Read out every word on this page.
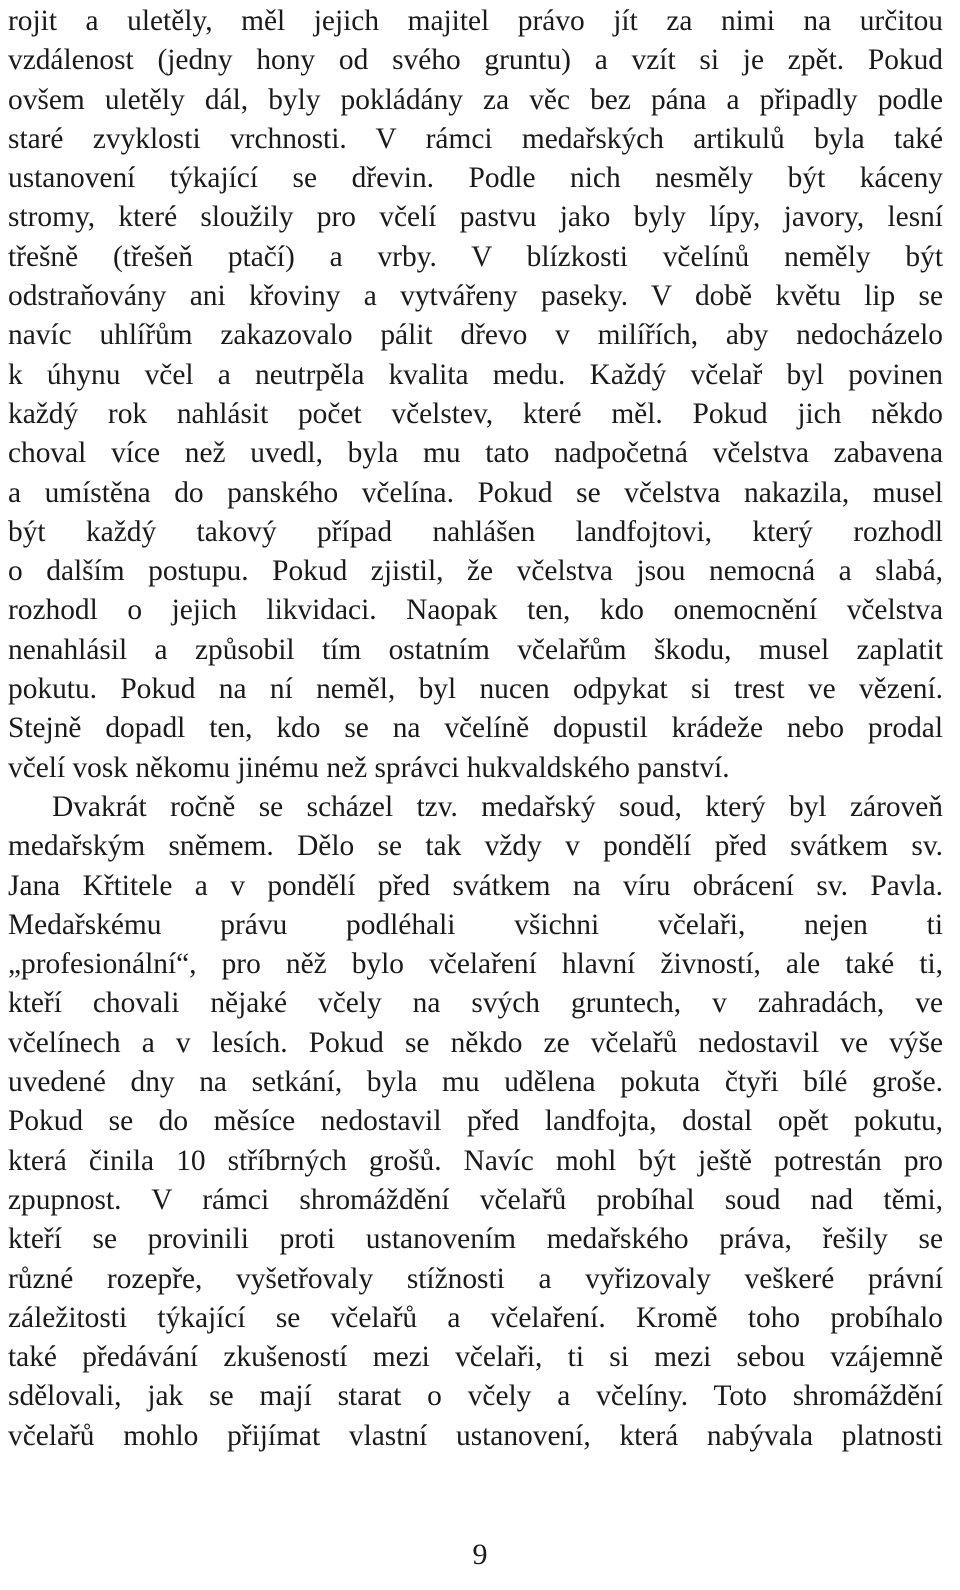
rojit a uletěly, měl jejich majitel právo jít za nimi na určitou
vzdálenost (jedny hony od svého gruntu) a vzít si je zpět. Pokud
ovšem uletěly dál, byly pokládány za věc bez pána a připadly podle
staré zvyklosti vrchnosti. V rámci medařských artikulů byla také
ustanovení týkající se dřevin. Podle nich nesměly být káceny
stromy, které sloužily pro včelí pastvu jako byly lípy, javory, lesní
třešně (třešeň ptačí) a vrby. V blízkosti včelínů neměly být
odstraňovány ani křoviny a vytvářeny paseky. V době květu lip se
navíc uhlířům zakazovalo pálit dřevo v milířích, aby nedocházelo
k úhynu včel a neutrpěla kvalita medu. Každý včelař byl povinen
každý rok nahlásit počet včelstev, které měl. Pokud jich někdo
choval více než uvedl, byla mu tato nadpočetná včelstva zabavena
a umístěna do panského včelína. Pokud se včelstva nakazila, musel
být každý takový případ nahlášen landfojtovi, který rozhodl
o dalším postupu. Pokud zjistil, že včelstva jsou nemocná a slabá,
rozhodl o jejich likvidaci. Naopak ten, kdo onemocnění včelstva
nenahlásil a způsobil tím ostatním včelařům škodu, musel zaplatit
pokutu. Pokud na ní neměl, byl nucen odpykat si trest ve vězení.
Stejně dopadl ten, kdo se na včelíně dopustil krádeže nebo prodal
včelí vosk někomu jinému než správci hukvaldského panství.

Dvakrát ročně se scházel tzv. medařský soud, který byl zároveň
medařským sněmem. Dělo se tak vždy v pondělí před svátkem sv.
Jana Křtitele a v pondělí před svátkem na víru obrácení sv. Pavla.
Medařskému právu podléhali všichni včelaři, nejen ti
„profesionální“, pro něž bylo včelaření hlavní živností, ale také ti,
kteří chovali nějaké včely na svých gruntech, v zahradách, ve
včelínech a v lesích. Pokud se někdo ze včelařů nedostavil ve výše
uvedené dny na setkání, byla mu udělena pokuta čtyři bílé groše.
Pokud se do měsíce nedostavil před landfojta, dostal opět pokutu,
která činila 10 stříbrných grošů. Navíc mohl být ještě potrestán pro
zpupnost. V rámci shromáždění včelařů probíhal soud nad těmi,
kteří se provinili proti ustanovením medařského práva, řešily se
různé rozepře, vyšetřovaly stížnosti a vyřizovaly veškeré právní
záležitosti týkající se včelařů a včelaření. Kromě toho probíhalo
také předávání zkušeností mezi včelaři, ti si mezi sebou vzájemně
sdělovali, jak se mají starat o včely a včelíny. Toto shromáždění
včelařů mohlo přijímat vlastní ustanovení, která nabývala platnosti

9
